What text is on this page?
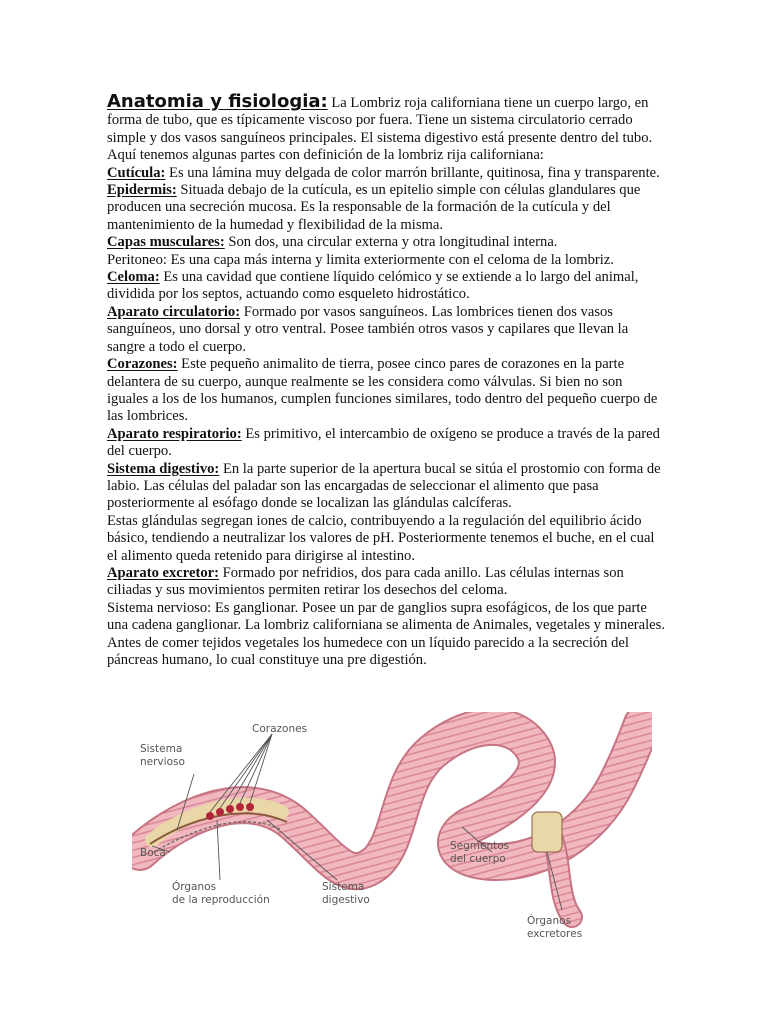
Anatomia y fisiologia: La Lombriz roja californiana tiene un cuerpo largo, en forma de tubo, que es típicamente viscoso por fuera. Tiene un sistema circulatorio cerrado simple y dos vasos sanguíneos principales. El sistema digestivo está presente dentro del tubo.

Aquí tenemos algunas partes con definición de la lombriz rija californiana:

Cutícula: Es una lámina muy delgada de color marrón brillante, quitinosa, fina y transparente.

Epidermis: Situada debajo de la cutícula, es un epitelio simple con células glandulares que producen una secreción mucosa. Es la responsable de la formación de la cutícula y del mantenimiento de la humedad y flexibilidad de la misma.

Capas musculares: Son dos, una circular externa y otra longitudinal interna.

Peritoneo: Es una capa más interna y limita exteriormente con el celoma de la lombriz.

Celoma: Es una cavidad que contiene líquido celómico y se extiende a lo largo del animal, dividida por los septos, actuando como esqueleto hidrostático.

Aparato circulatorio: Formado por vasos sanguíneos. Las lombrices tienen dos vasos sanguíneos, uno dorsal y otro ventral. Posee también otros vasos y capilares que llevan la sangre a todo el cuerpo.

Corazones: Este pequeño animalito de tierra, posee cinco pares de corazones en la parte delantera de su cuerpo, aunque realmente se les considera como válvulas. Si bien no son iguales a los de los humanos, cumplen funciones similares, todo dentro del pequeño cuerpo de las lombrices.

Aparato respiratorio: Es primitivo, el intercambio de oxígeno se produce a través de la pared del cuerpo.

Sistema digestivo: En la parte superior de la apertura bucal se sitúa el prostomio con forma de labio. Las células del paladar son las encargadas de seleccionar el alimento que pasa posteriormente al esófago donde se localizan las glándulas calcíferas.

Estas glándulas segregan iones de calcio, contribuyendo a la regulación del equilibrio ácido básico, tendiendo a neutralizar los valores de pH. Posteriormente tenemos el buche, en el cual el alimento queda retenido para dirigirse al intestino.

Aparato excretor: Formado por nefridios, dos para cada anillo. Las células internas son ciliadas y sus movimientos permiten retirar los desechos del celoma.

Sistema nervioso: Es ganglionar. Posee un par de ganglios supra esofágicos, de los que parte una cadena ganglionar. La lombriz californiana se alimenta de Animales, vegetales y minerales. Antes de comer tejidos vegetales los humedece con un líquido parecido a la secreción del páncreas humano, lo cual constituye una pre digestión.

Corazones
Sistema
nervioso
Boca
Órganos
de la reproducción
Sistema
digestivo
Segmentos
del cuerpo
Órganos
excretores
